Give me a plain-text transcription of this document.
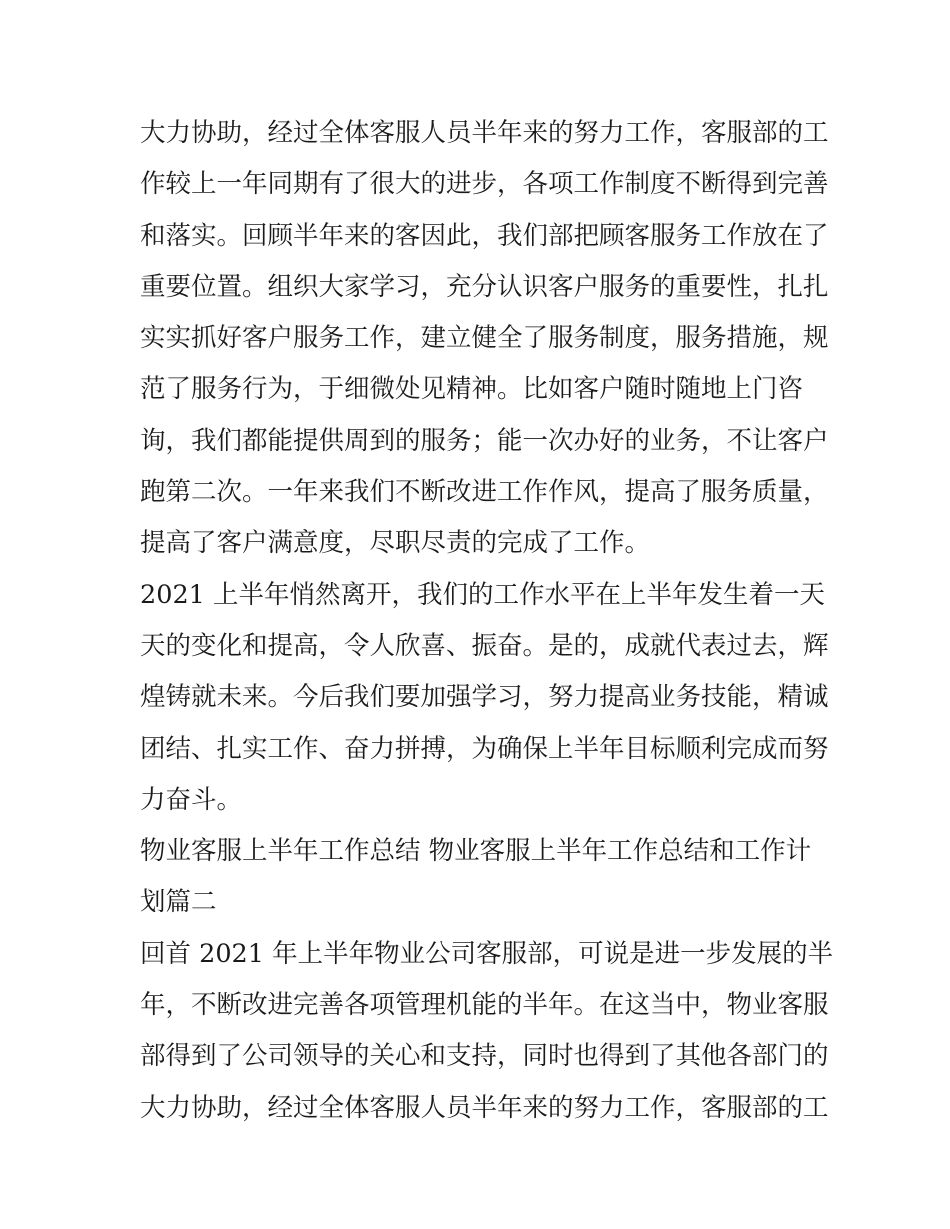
大力协助，经过全体客服人员半年来的努力工作，客服部的工
作较上一年同期有了很大的进步，各项工作制度不断得到完善
和落实。回顾半年来的客因此，我们部把顾客服务工作放在了
重要位置。组织大家学习，充分认识客户服务的重要性，扎扎
实实抓好客户服务工作，建立健全了服务制度，服务措施，规
范了服务行为，于细微处见精神。比如客户随时随地上门咨
询，我们都能提供周到的服务；能一次办好的业务，不让客户
跑第二次。一年来我们不断改进工作作风，提高了服务质量，
提高了客户满意度，尽职尽责的完成了工作。
2021 上半年悄然离开，我们的工作水平在上半年发生着一天
天的变化和提高，令人欣喜、振奋。是的，成就代表过去，辉
煌铸就未来。今后我们要加强学习，努力提高业务技能，精诚
团结、扎实工作、奋力拼搏，为确保上半年目标顺利完成而努
力奋斗。
物业客服上半年工作总结 物业客服上半年工作总结和工作计
划篇二
回首 2021 年上半年物业公司客服部，可说是进一步发展的半
年，不断改进完善各项管理机能的半年。在这当中，物业客服
部得到了公司领导的关心和支持，同时也得到了其他各部门的
大力协助，经过全体客服人员半年来的努力工作，客服部的工
